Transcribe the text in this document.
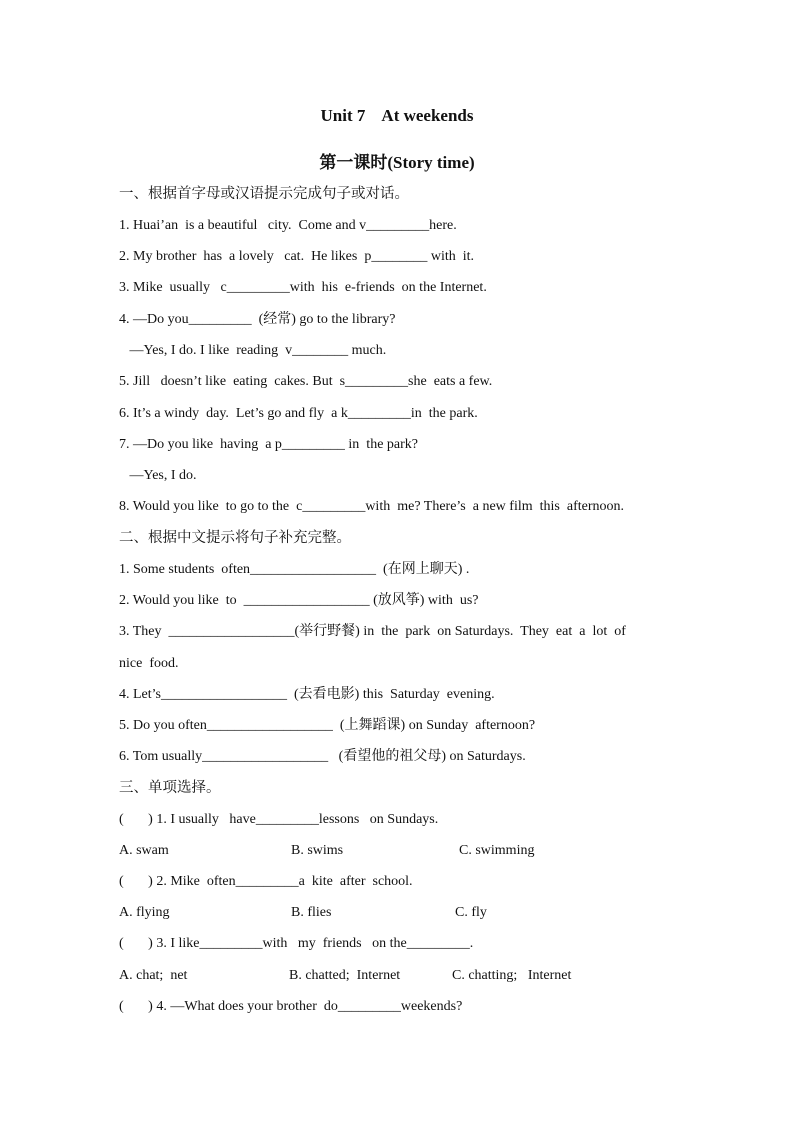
Unit 7    At weekends
第一课时(Story time)
一、根据首字母或汉语提示完成句子或对话。
1. Huai’an  is a beautiful   city.  Come and v_________here.
2. My brother  has  a lovely   cat.  He likes  p________ with  it.
3. Mike  usually   c_________with  his  e-friends  on the Internet.
4. —Do you_________  (经常) go to the library?
—Yes, I do. I like  reading  v________ much.
5. Jill   doesn’t like  eating  cakes. But  s_________she  eats a few.
6. It’s a windy  day.  Let’s go and fly  a k_________in  the park.
7. —Do you like  having  a p_________ in  the park?
—Yes, I do.
8. Would you like  to go to the  c_________with  me? There’s  a new film  this  afternoon.
二、根据中文提示将句子补充完整。
1. Some students  often__________________  (在网上聊天) .
2. Would you like  to  __________________ (放风筝) with  us?
3. They  __________________(举行野餐) in  the  park  on Saturdays.  They  eat  a  lot  of
nice  food.
4. Let’s__________________  (去看电影) this  Saturday  evening.
5. Do you often__________________  (上舞蹈课) on Sunday  afternoon?
6. Tom usually__________________   (看望他的祖父母) on Saturdays.
三、单项选择。
(       ) 1. I usually   have_________lessons   on Sundays.
A. swam	B. swims	C. swimming
(       ) 2. Mike  often_________a  kite  after  school.
A. flying	B. flies	C. fly
(       ) 3. I like_________with   my  friends   on the_________.
A. chat;  net	B. chatted;  Internet	C. chatting;   Internet
(       ) 4. —What does your brother  do_________weekends?
